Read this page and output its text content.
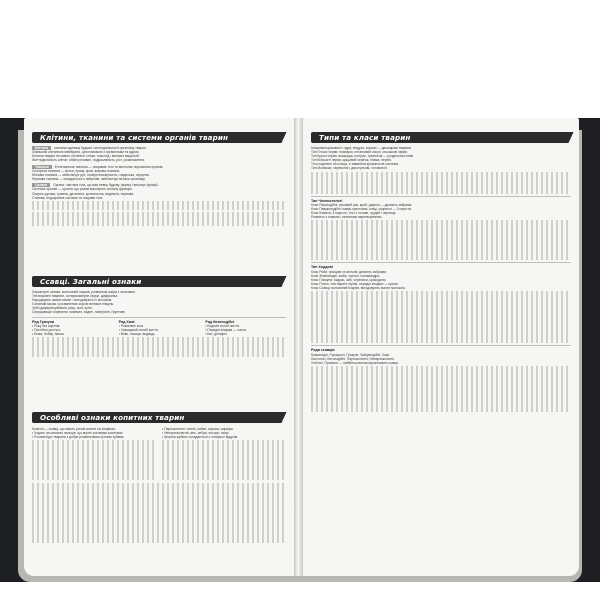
Клітини, тканини та системи органів тварин
Клітина основна одиниця будови і життєдіяльності організму тварин.
Зовнішній клітинною мембрана, цитоплазмою з органелами та ядром.
Клітини тварин не мають клітинної стінки, пластид і великих вакуолей.
Життєдіяльність клітин: обмін речовин, подразливість, ріст, розмноження.
Тканини Епітеліальна тканина — покриває тіло та вистилає порожнини органів.
Сполучна тканина — кістки, хрящі, кров, жирова тканина.
М'язова тканина — забезпечує рух; поперечносмугаста, гладенька, серцева.
Нервова тканина — складається з нейронів, забезпечує зв'язок організму.
Органи Органи: частина тіла, що має певну будову, форму і виконує функції.
Система органів — органи, що разом виконують спільну функцію.
Опорно-рухова, травна, дихальна, кровоносна, видільна, нервова.
Статева, ендокринна системи та покриви тіла.
Ссавці. Загальні ознаки
Характерні ознаки: волосяний покрив, розвинена шкіра з залозами.
Теплокровні тварини, чотирикамерне серце, діафрагма.
Народжують живих малят і вигодовують їх молоком.
Головний мозок з розвиненою корою великих півкуль.
Зуби диференційовані: різці, ікла, кутні.
Середовище існування: наземне, водне, повітряне, ґрунтове.
Ряд Гризуни
• Різці без коренів.
• Постійно ростуть.
• Білка, бобер, миша.
Ряд Хижі
• Розвинені ікла.
• Хижацький спосіб життя.
• Вовк, лисиця, ведмідь.
Ряд Китоподібні
• Водний спосіб життя.
• Передні кінцівки — ласти.
• Кит, дельфін.
Особливі ознаки копитних тварин
Копитні — ссавці, що мають рогові копита на кінцівках.
• Ходять на кінчиках пальців, що вкриті роговими копитами.
• Рослиноїдні тварини з добре розвиненими кутніми зубами.
• Парнокопитні: олень, кабан, корова, жирафа.
• Непарнокопитні: кінь, зебра, носоріг, тапір.
• Шлунок жуйних складається з чотирьох відділів.
Типи та класи тварин
Кишковопорожнинні: гідра, медуза, корали — двошарові тварини.
Тип Плоскі черви: планарія, печінковий сисун, стьожкові черви.
Тип Круглі черви: аскарида, гострик, трихінела — роздільностатеві.
Тип Кільчасті черви: дощовий черв'як, п'явка, нереїс.
Тіло поділене на кільця, є замкнена кровоносна система.
Тип Молюски: черевоногі, двостулкові, головоногі.
Тип Членистоногі
Клас Ракоподібні: річковий рак, краб, дафнія — дихають зябрами.
Клас Павукоподібні: павук-хрестовик, кліщі, скорпіон — 4 пари ніг.
Клас Комахи: 3 пари ніг, тіло з голови, грудей і черевця.
Розвиток з повним і неповним перетворенням.
Тип Хордові
Клас Риби: хрящові та кісткові, дихають зябрами.
Клас Земноводні: жаба, тритон, саламандра.
Клас Плазуни: ящірки, змії, черепахи, крокодили.
Клас Птахи: тіло вкрите пір'ям, передні кінцівки — крила.
Клас Ссавці: волосяний покрив, вигодовують малят молоком.
Ряди ссавців
Комахоїдні, Рукокрилі, Гризуни, Зайцеподібні, Хижі.
Ластоногі, Китоподібні, Парнокопитні, Непарнокопитні.
Хоботні, Примати — найбільш високоорганізовані ссавці.
